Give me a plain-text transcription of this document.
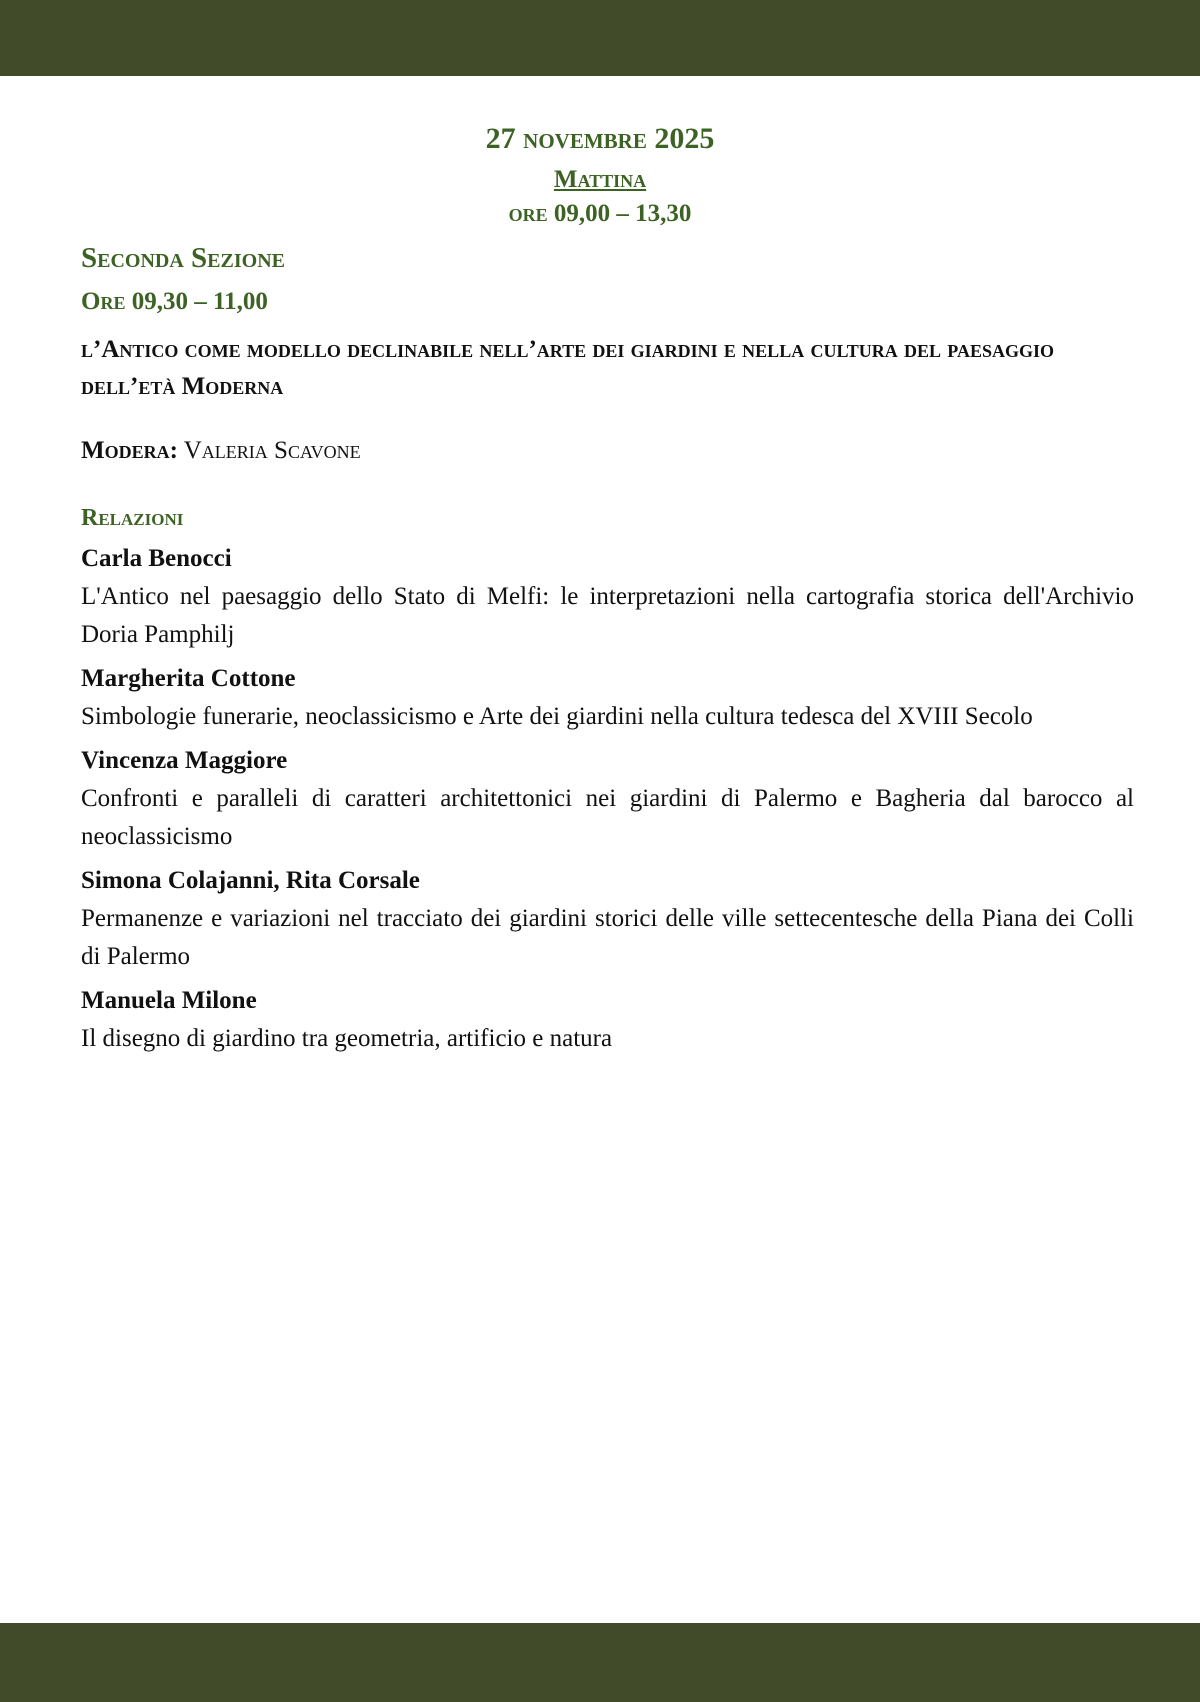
27 novembre 2025
Mattina
ore 09,00 – 13,30
Seconda Sezione
Ore 09,30 – 11,00
l’Antico come modello declinabile nell’arte dei giardini e nella cultura del paesaggio dell’età Moderna
Modera: Valeria Scavone
Relazioni
Carla Benocci
L'Antico nel paesaggio dello Stato di Melfi: le interpretazioni nella cartografia storica dell'Archivio Doria Pamphilj
Margherita Cottone
Simbologie funerarie, neoclassicismo e Arte dei giardini nella cultura tedesca del XVIII Secolo
Vincenza Maggiore
Confronti e paralleli di caratteri architettonici nei giardini di Palermo e Bagheria dal barocco al neoclassicismo
Simona Colajanni, Rita Corsale
Permanenze e variazioni nel tracciato dei giardini storici delle ville settecentesche della Piana dei Colli di Palermo
Manuela Milone
Il disegno di giardino tra geometria, artificio e natura
